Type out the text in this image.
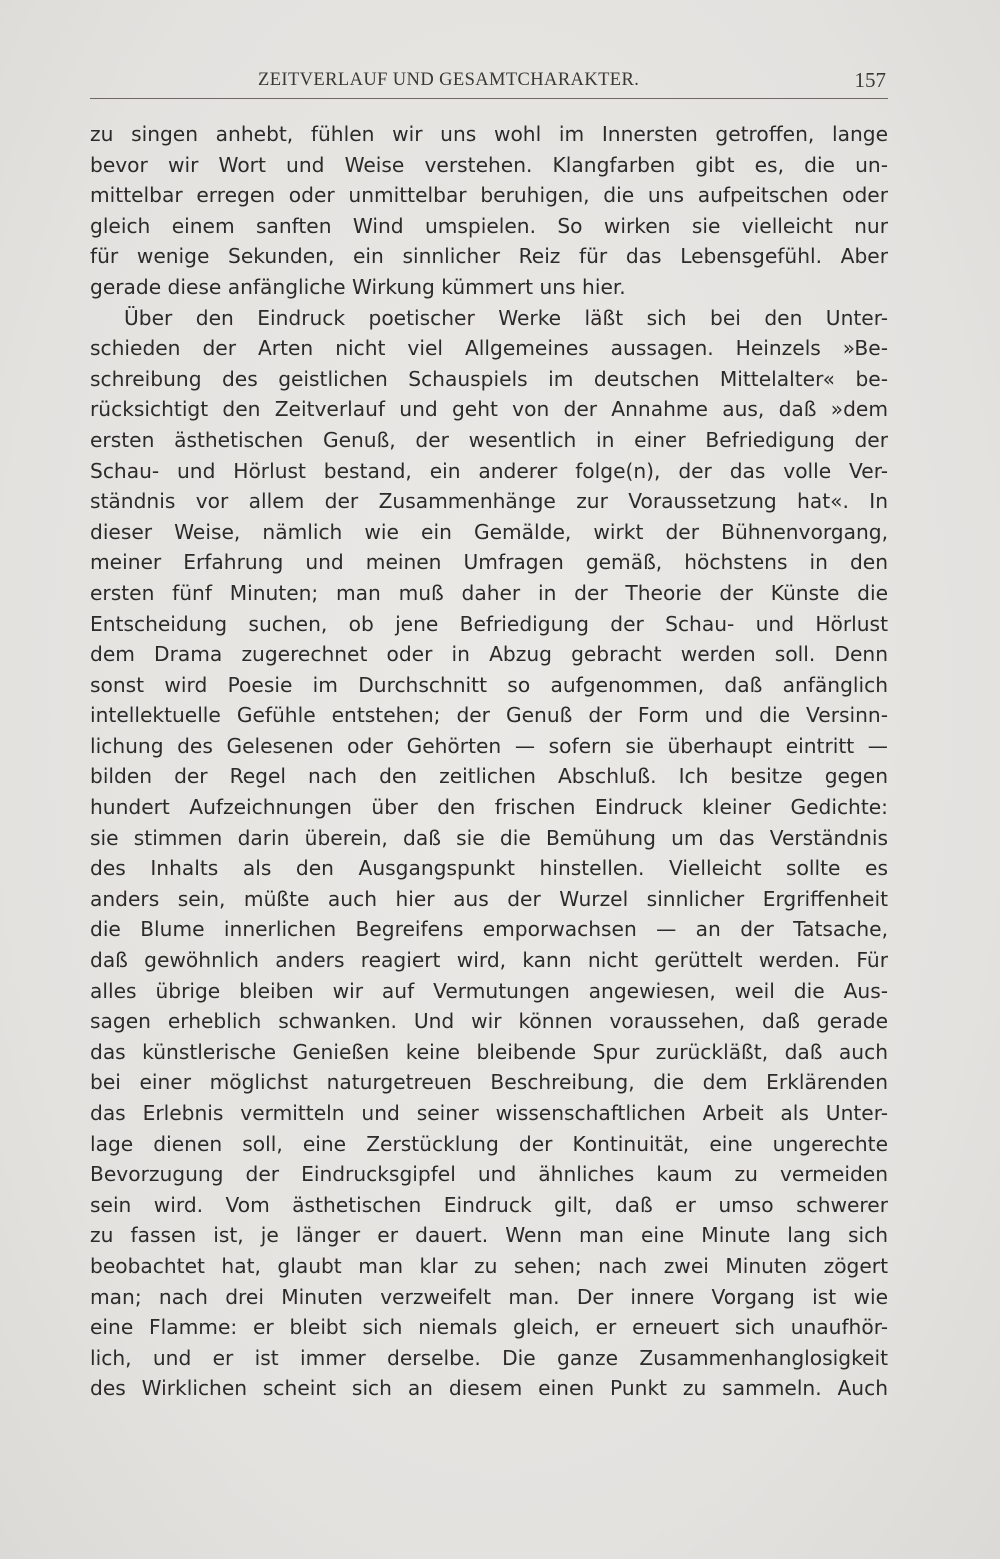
ZEITVERLAUF UND GESAMTCHARAKTER.	157
zu singen anhebt, fühlen wir uns wohl im Innersten getroffen, lange
bevor wir Wort und Weise verstehen. Klangfarben gibt es, die un-
mittelbar erregen oder unmittelbar beruhigen, die uns aufpeitschen oder
gleich einem sanften Wind umspielen. So wirken sie vielleicht nur
für wenige Sekunden, ein sinnlicher Reiz für das Lebensgefühl. Aber
gerade diese anfängliche Wirkung kümmert uns hier.
Über den Eindruck poetischer Werke läßt sich bei den Unter-
schieden der Arten nicht viel Allgemeines aussagen. Heinzels »Be-
schreibung des geistlichen Schauspiels im deutschen Mittelalter« be-
rücksichtigt den Zeitverlauf und geht von der Annahme aus, daß »dem
ersten ästhetischen Genuß, der wesentlich in einer Befriedigung der
Schau- und Hörlust bestand, ein anderer folge(n), der das volle Ver-
ständnis vor allem der Zusammenhänge zur Voraussetzung hat«. In
dieser Weise, nämlich wie ein Gemälde, wirkt der Bühnenvorgang,
meiner Erfahrung und meinen Umfragen gemäß, höchstens in den
ersten fünf Minuten; man muß daher in der Theorie der Künste die
Entscheidung suchen, ob jene Befriedigung der Schau- und Hörlust
dem Drama zugerechnet oder in Abzug gebracht werden soll. Denn
sonst wird Poesie im Durchschnitt so aufgenommen, daß anfänglich
intellektuelle Gefühle entstehen; der Genuß der Form und die Versinn-
lichung des Gelesenen oder Gehörten — sofern sie überhaupt eintritt —
bilden der Regel nach den zeitlichen Abschluß. Ich besitze gegen
hundert Aufzeichnungen über den frischen Eindruck kleiner Gedichte:
sie stimmen darin überein, daß sie die Bemühung um das Verständnis
des Inhalts als den Ausgangspunkt hinstellen. Vielleicht sollte es
anders sein, müßte auch hier aus der Wurzel sinnlicher Ergriffenheit
die Blume innerlichen Begreifens emporwachsen — an der Tatsache,
daß gewöhnlich anders reagiert wird, kann nicht gerüttelt werden. Für
alles übrige bleiben wir auf Vermutungen angewiesen, weil die Aus-
sagen erheblich schwanken. Und wir können voraussehen, daß gerade
das künstlerische Genießen keine bleibende Spur zurückläßt, daß auch
bei einer möglichst naturgetreuen Beschreibung, die dem Erklärenden
das Erlebnis vermitteln und seiner wissenschaftlichen Arbeit als Unter-
lage dienen soll, eine Zerstücklung der Kontinuität, eine ungerechte
Bevorzugung der Eindrucksgipfel und ähnliches kaum zu vermeiden
sein wird. Vom ästhetischen Eindruck gilt, daß er umso schwerer
zu fassen ist, je länger er dauert. Wenn man eine Minute lang sich
beobachtet hat, glaubt man klar zu sehen; nach zwei Minuten zögert
man; nach drei Minuten verzweifelt man. Der innere Vorgang ist wie
eine Flamme: er bleibt sich niemals gleich, er erneuert sich unaufhör-
lich, und er ist immer derselbe. Die ganze Zusammenhanglosigkeit
des Wirklichen scheint sich an diesem einen Punkt zu sammeln. Auch
